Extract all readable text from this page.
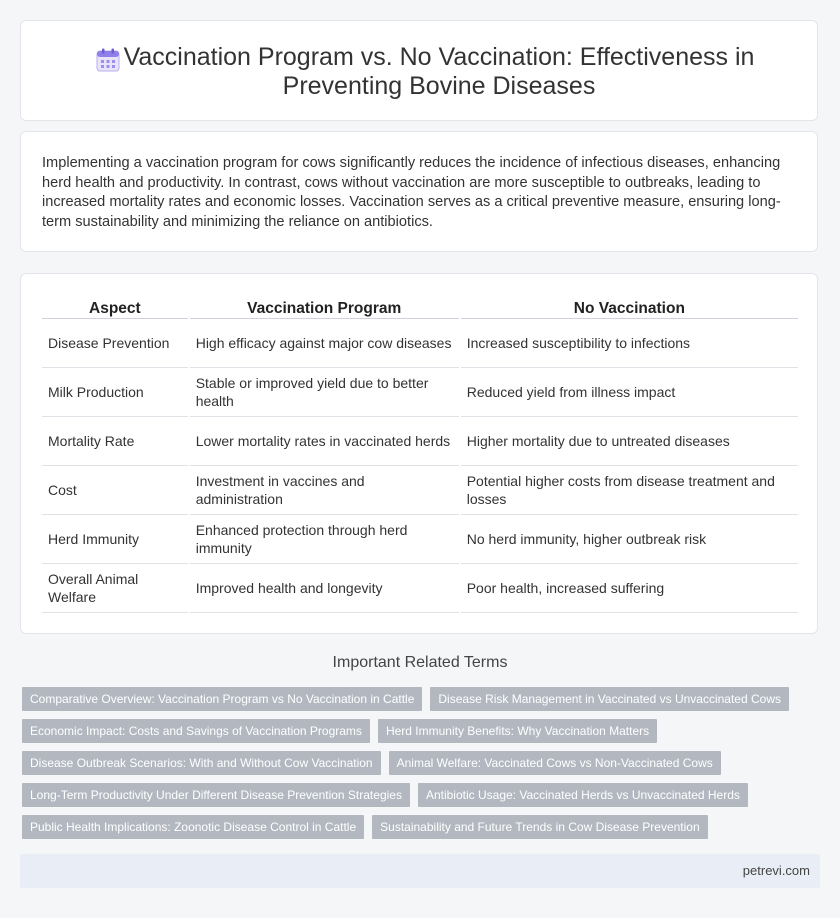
Vaccination Program vs. No Vaccination: Effectiveness in Preventing Bovine Diseases

Implementing a vaccination program for cows significantly reduces the incidence of infectious diseases, enhancing herd health and productivity. In contrast, cows without vaccination are more susceptible to outbreaks, leading to increased mortality rates and economic losses. Vaccination serves as a critical preventive measure, ensuring long-term sustainability and minimizing the reliance on antibiotics.

Aspect	Vaccination Program	No Vaccination
Disease Prevention	High efficacy against major cow diseases	Increased susceptibility to infections
Milk Production	Stable or improved yield due to better health	Reduced yield from illness impact
Mortality Rate	Lower mortality rates in vaccinated herds	Higher mortality due to untreated diseases
Cost	Investment in vaccines and administration	Potential higher costs from disease treatment and losses
Herd Immunity	Enhanced protection through herd immunity	No herd immunity, higher outbreak risk
Overall Animal Welfare	Improved health and longevity	Poor health, increased suffering
Important Related Terms
Comparative Overview: Vaccination Program vs No Vaccination in Cattle Disease Risk Management in Vaccinated vs Unvaccinated Cows
Economic Impact: Costs and Savings of Vaccination Programs Herd Immunity Benefits: Why Vaccination Matters
Disease Outbreak Scenarios: With and Without Cow Vaccination Animal Welfare: Vaccinated Cows vs Non-Vaccinated Cows
Long-Term Productivity Under Different Disease Prevention Strategies Antibiotic Usage: Vaccinated Herds vs Unvaccinated Herds
Public Health Implications: Zoonotic Disease Control in Cattle Sustainability and Future Trends in Cow Disease Prevention
petrevi.com
